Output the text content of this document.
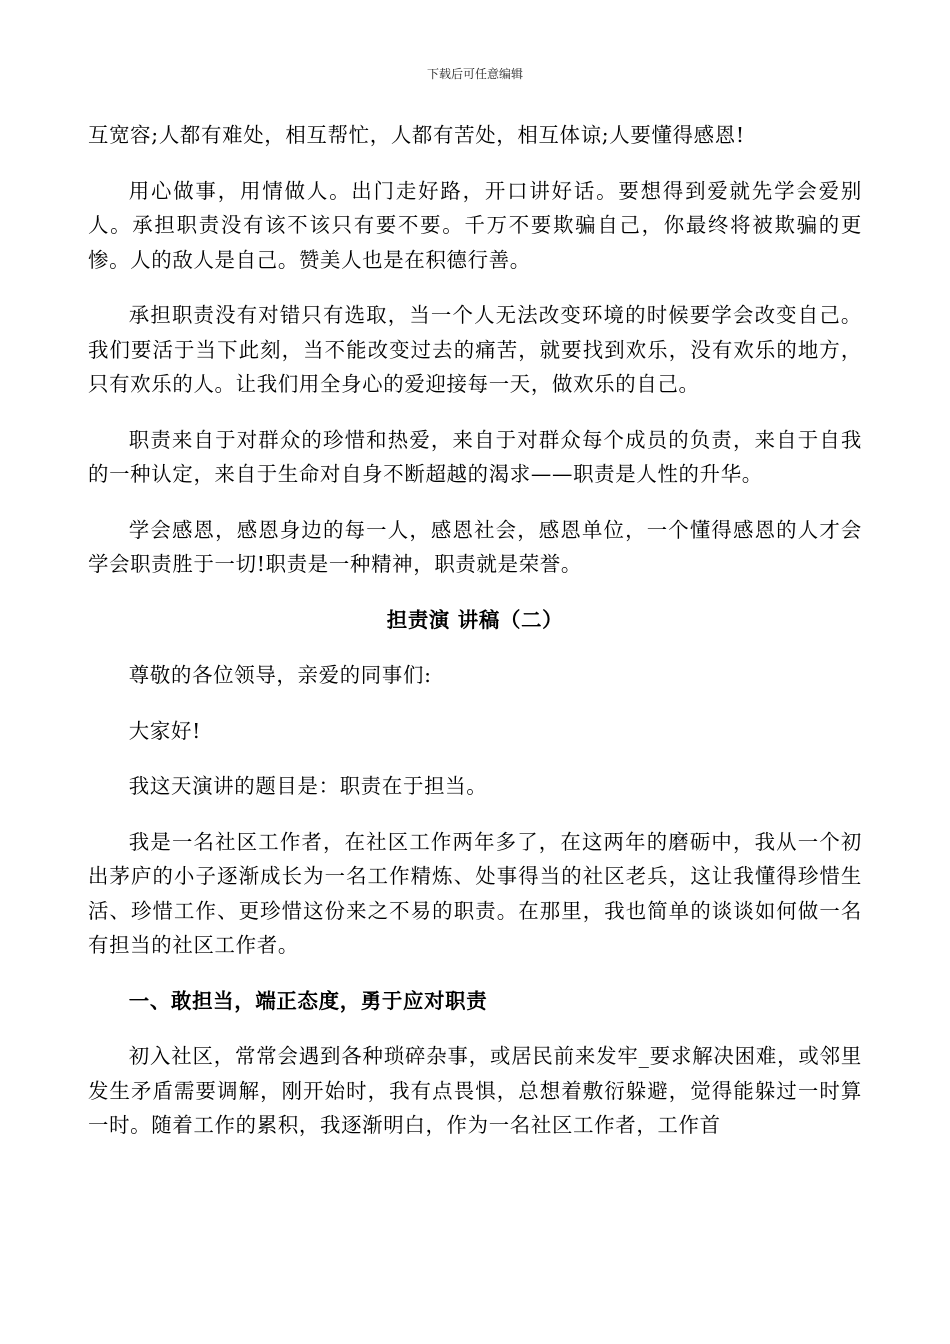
下载后可任意编辑

互宽容;人都有难处，相互帮忙，人都有苦处，相互体谅;人要懂得感恩!

用心做事，用情做人。出门走好路，开口讲好话。要想得到爱就先学会爱别人。承担职责没有该不该只有要不要。千万不要欺骗自己，你最终将被欺骗的更惨。人的敌人是自己。赞美人也是在积德行善。

承担职责没有对错只有选取，当一个人无法改变环境的时候要学会改变自己。我们要活于当下此刻，当不能改变过去的痛苦，就要找到欢乐，没有欢乐的地方，只有欢乐的人。让我们用全身心的爱迎接每一天，做欢乐的自己。

职责来自于对群众的珍惜和热爱，来自于对群众每个成员的负责，来自于自我的一种认定，来自于生命对自身不断超越的渴求——职责是人性的升华。

学会感恩，感恩身边的每一人，感恩社会，感恩单位，一个懂得感恩的人才会学会职责胜于一切!职责是一种精神，职责就是荣誉。

担责演 讲稿（二）

尊敬的各位领导，亲爱的同事们:

大家好!

我这天演讲的题目是：职责在于担当。

我是一名社区工作者，在社区工作两年多了，在这两年的磨砺中，我从一个初出茅庐的小子逐渐成长为一名工作精炼、处事得当的社区老兵，这让我懂得珍惜生活、珍惜工作、更珍惜这份来之不易的职责。在那里，我也简单的谈谈如何做一名有担当的社区工作者。

一、敢担当，端正态度，勇于应对职责

初入社区，常常会遇到各种琐碎杂事，或居民前来发牢_要求解决困难，或邻里发生矛盾需要调解，刚开始时，我有点畏惧，总想着敷衍躲避，觉得能躲过一时算一时。随着工作的累积，我逐渐明白，作为一名社区工作者，工作首
